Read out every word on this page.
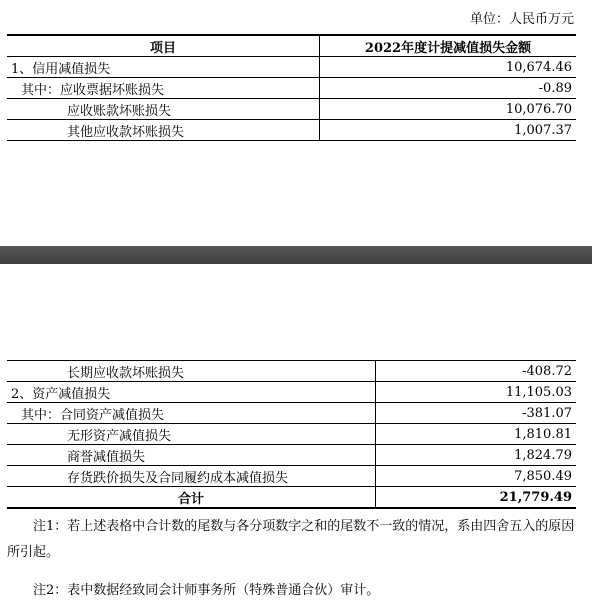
单位：人民币万元
项目	2022年度计提减值损失金额
1、信用减值损失	10,674.46
其中：应收票据坏账损失	-0.89
应收账款坏账损失	10,076.70
其他应收款坏账损失	1,007.37
长期应收款坏账损失	-408.72
2、资产减值损失	11,105.03
其中：合同资产减值损失	-381.07
无形资产减值损失	1,810.81
商誉减值损失	1,824.79
存货跌价损失及合同履约成本减值损失	7,850.49
合计	21,779.49
注1：若上述表格中合计数的尾数与各分项数字之和的尾数不一致的情况，系由四舍五入的原因所引起。
注2：表中数据经致同会计师事务所（特殊普通合伙）审计。
